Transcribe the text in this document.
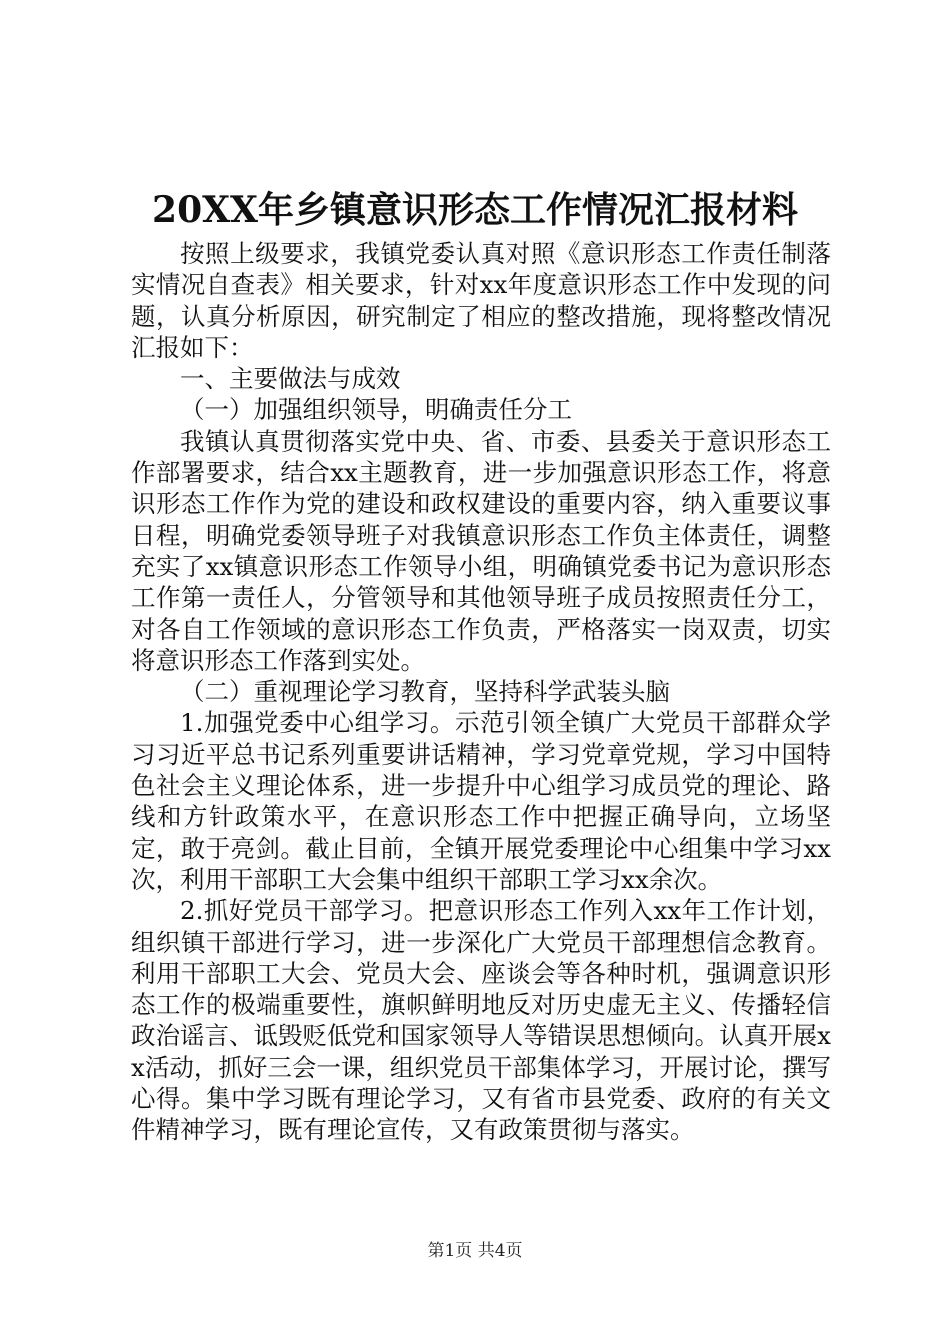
20XX年乡镇意识形态工作情况汇报材料

按照上级要求，我镇党委认真对照《意识形态工作责任制落实情况自查表》相关要求，针对xx年度意识形态工作中发现的问题，认真分析原因，研究制定了相应的整改措施，现将整改情况汇报如下：

一、主要做法与成效

（一）加强组织领导，明确责任分工

我镇认真贯彻落实党中央、省、市委、县委关于意识形态工作部署要求，结合xx主题教育，进一步加强意识形态工作，将意识形态工作作为党的建设和政权建设的重要内容，纳入重要议事日程，明确党委领导班子对我镇意识形态工作负主体责任，调整充实了xx镇意识形态工作领导小组，明确镇党委书记为意识形态工作第一责任人，分管领导和其他领导班子成员按照责任分工，对各自工作领域的意识形态工作负责，严格落实一岗双责，切实将意识形态工作落到实处。

（二）重视理论学习教育，坚持科学武装头脑

1.加强党委中心组学习。示范引领全镇广大党员干部群众学习习近平总书记系列重要讲话精神，学习党章党规，学习中国特色社会主义理论体系，进一步提升中心组学习成员党的理论、路线和方针政策水平，在意识形态工作中把握正确导向，立场坚定，敢于亮剑。截止目前，全镇开展党委理论中心组集中学习xx次，利用干部职工大会集中组织干部职工学习xx余次。

2.抓好党员干部学习。把意识形态工作列入xx年工作计划，组织镇干部进行学习，进一步深化广大党员干部理想信念教育。利用干部职工大会、党员大会、座谈会等各种时机，强调意识形态工作的极端重要性，旗帜鲜明地反对历史虚无主义、传播轻信政治谣言、诋毁贬低党和国家领导人等错误思想倾向。认真开展xx活动，抓好三会一课，组织党员干部集体学习，开展讨论，撰写心得。集中学习既有理论学习，又有省市县党委、政府的有关文件精神学习，既有理论宣传，又有政策贯彻与落实。

第1页 共4页
